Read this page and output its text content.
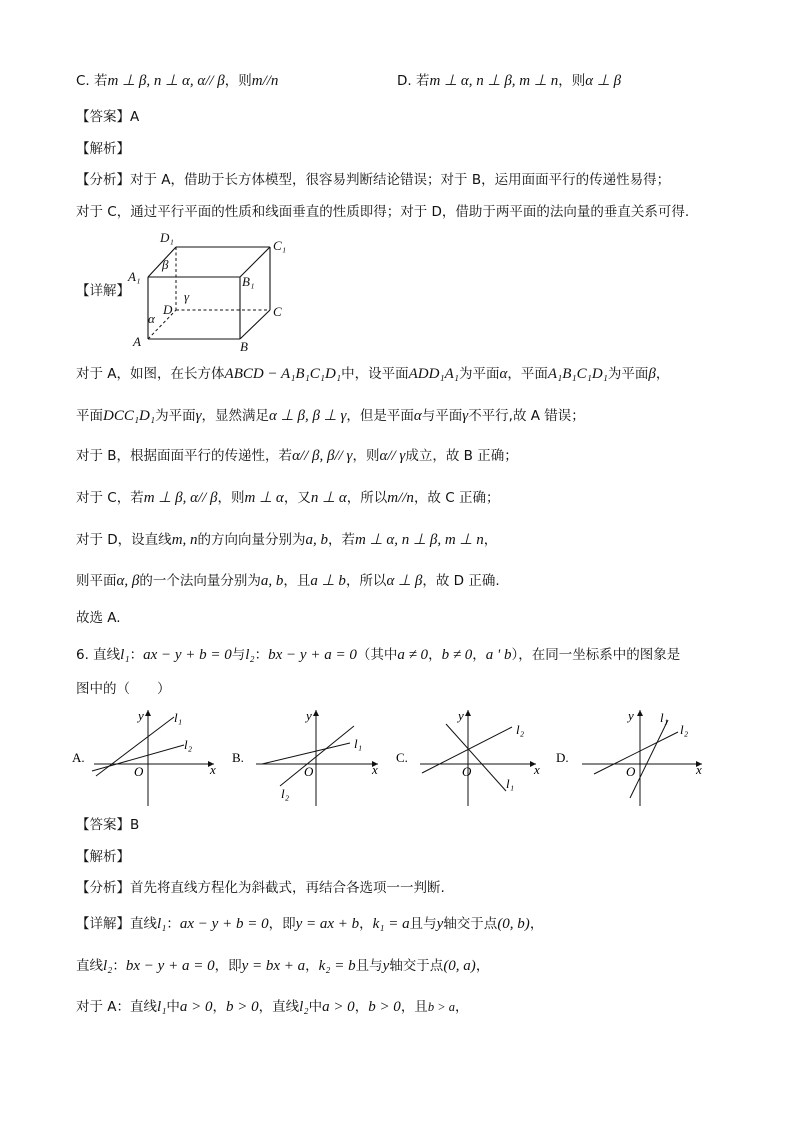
C. 若m ⊥ β, n ⊥ α, α// β，则m//n	D. 若m ⊥ α, n ⊥ β, m ⊥ n，则α ⊥ β
【答案】A
【解析】
【分析】对于 A，借助于长方体模型，很容易判断结论错误；对于 B，运用面面平行的传递性易得；
对于 C，通过平行平面的性质和线面垂直的性质即得；对于 D，借助于两平面的法向量的垂直关系可得.
【详解】
D₁
C₁
A₁	B₁
D	C
A	B
β
γ
α
对于 A，如图，在长方体ABCD − A₁B₁C₁D₁中，设平面ADD₁A₁为平面α，平面A₁B₁C₁D₁为平面β，
平面DCC₁D₁为平面γ，显然满足α ⊥ β, β ⊥ γ，但是平面α与平面γ不平行,故 A 错误；
对于 B，根据面面平行的传递性，若α// β, β// γ，则α// γ成立，故 B 正确；
对于 C，若m ⊥ β, α// β，则m ⊥ α，又n ⊥ α，所以m//n，故 C 正确；
对于 D，设直线m, n的方向向量分别为a, b，若m ⊥ α, n ⊥ β, m ⊥ n，
则平面α, β的一个法向量分别为a, b，且a ⊥ b，所以α ⊥ β，故 D 正确.
故选 A.
6. 直线l₁：ax − y + b = 0与l₂：bx − y + a = 0（其中a ≠ 0，b ≠ 0，a ' b），在同一坐标系中的图象是
图中的（　　）
A.
x
y
O
l₁
l₂
B.
x
y
O
l₁
l₂
C.
x
y
O
l₂
l₁
D.
x
y
O
l₁
l₂
【答案】B
【解析】
【分析】首先将直线方程化为斜截式，再结合各选项一一判断.
【详解】直线l₁：ax − y + b = 0，即y = ax + b，k₁ = a且与y轴交于点(0, b)，
直线l₂：bx − y + a = 0，即y = bx + a，k₂ = b且与y轴交于点(0, a)，
对于 A：直线l₁中a > 0，b > 0，直线l₂中a > 0，b > 0，且b > a，
